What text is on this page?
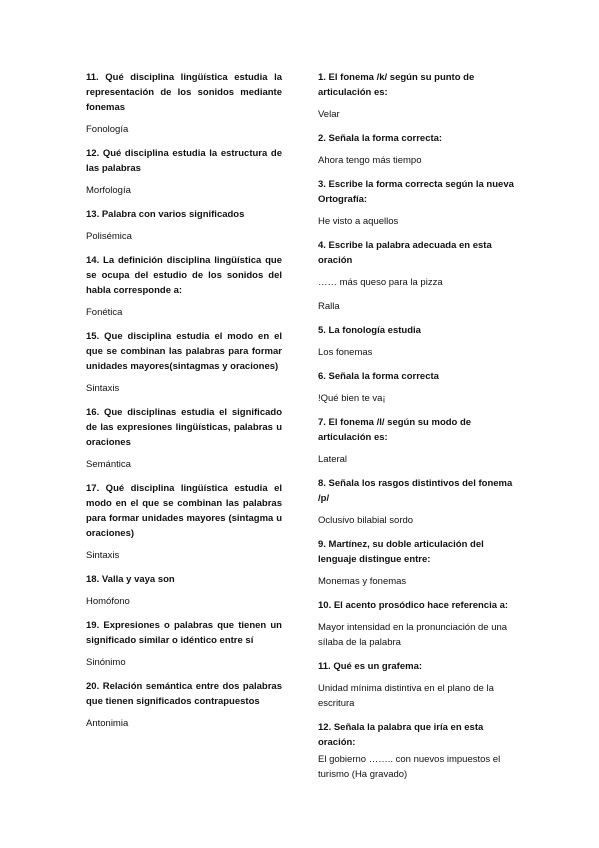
11. Qué disciplina lingüística estudia la representación de los sonidos mediante fonemas

Fonología

12. Qué disciplina estudia la estructura de las palabras

Morfología

13. Palabra con varios significados

Polisémica

14. La definición disciplina lingüística que se ocupa del estudio de los sonidos del habla corresponde a:

Fonética

15. Que disciplina estudia el modo en el que se combinan las palabras para formar unidades mayores(sintagmas y oraciones)

Sintaxis

16. Que disciplinas estudia el significado de las expresiones lingüísticas, palabras u oraciones

Semántica

17. Qué disciplina lingüística estudia el modo en el que se combinan las palabras para formar unidades mayores (sintagma u oraciones)

Sintaxis

18. Valla y vaya son

Homófono

19. Expresiones o palabras que tienen un significado similar o idéntico entre sí

Sinónimo

20. Relación semántica entre dos palabras que tienen significados contrapuestos

Antonimia

1. El fonema /k/ según su punto de articulación es:

Velar

2. Señala la forma correcta:

Ahora tengo más tiempo

3. Escribe la forma correcta según la nueva Ortografía:

He visto a aquellos

4. Escribe la palabra adecuada en esta oración

…… más queso para la pizza

Ralla

5. La fonología estudia

Los fonemas

6. Señala la forma correcta

!Qué bien te va¡

7. El fonema /l/ según su modo de articulación es:

Lateral

8. Señala los rasgos distintivos del fonema /p/

Oclusivo bilabial sordo

9. Martínez, su doble articulación del lenguaje distingue entre:

Monemas y fonemas

10. El acento prosódico hace referencia a:

Mayor intensidad en la pronunciación de una sílaba de la palabra

11. Qué es un grafema:

Unidad mínima distintiva en el plano de la escritura

12. Señala la palabra que iría en esta oración:

El gobierno …….. con nuevos impuestos el turismo (Ha gravado)
